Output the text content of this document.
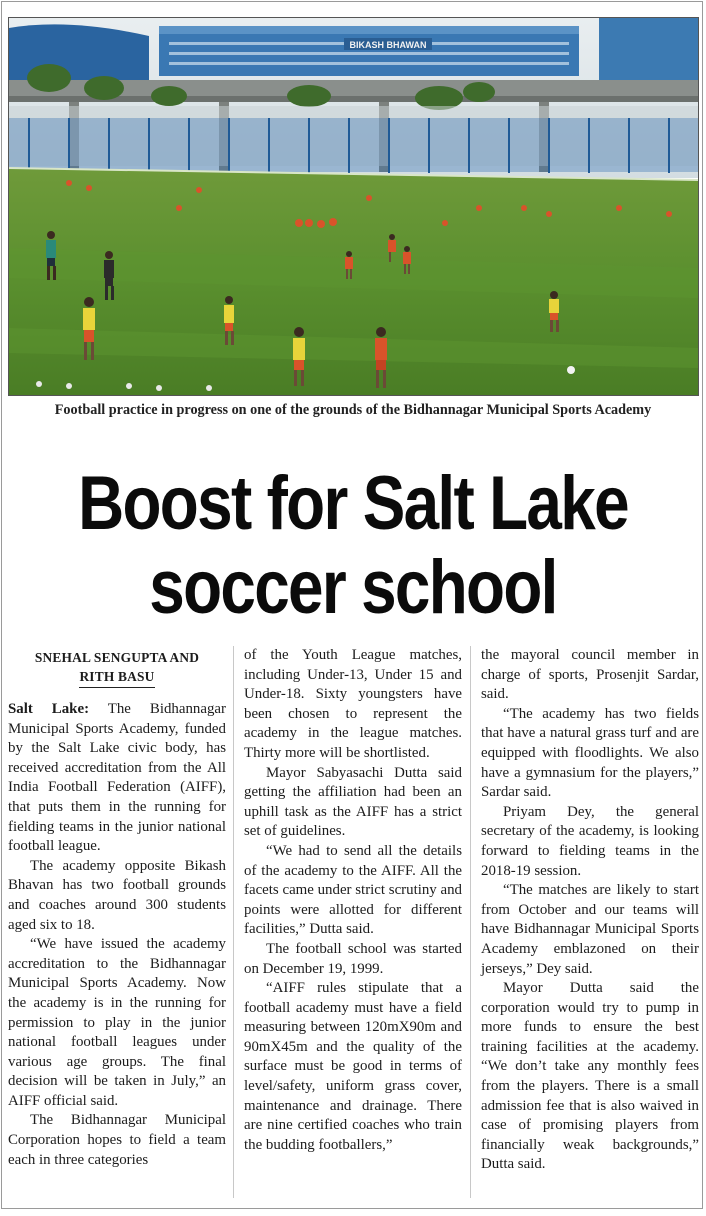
BIKASH BHAWAN
Football practice in progress on one of the grounds of the Bidhannagar Municipal Sports Academy
Boost for Salt Lake
soccer school
SNEHAL SENGUPTA AND
RITH BASU

Salt Lake: The Bidhannagar Municipal Sports Academy, funded by the Salt Lake civic body, has received accreditation from the All India Football Federation (AIFF), that puts them in the running for fielding teams in the junior national football league.

The academy opposite Bikash Bhavan has two football grounds and coaches around 300 students aged six to 18.

“We have issued the academy accreditation to the Bidhannagar Municipal Sports Academy. Now the academy is in the running for permission to play in the junior national football leagues under various age groups. The final decision will be taken in July,” an AIFF official said.

The Bidhannagar Municipal Corporation hopes to field a team each in three categories

of the Youth League matches, including Under-13, Under 15 and Under-18. Sixty youngsters have been chosen to represent the academy in the league matches. Thirty more will be shortlisted.

Mayor Sabyasachi Dutta said getting the affiliation had been an uphill task as the AIFF has a strict set of guidelines.

“We had to send all the details of the academy to the AIFF. All the facets came under strict scrutiny and points were allotted for different facilities,” Dutta said.

The football school was started on December 19, 1999.

“AIFF rules stipulate that a football academy must have a field measuring between 120mX90m and 90mX45m and the quality of the surface must be good in terms of level/safety, uniform grass cover, maintenance and drainage. There are nine certified coaches who train the budding footballers,”

the mayoral council member in charge of sports, Prosenjit Sardar, said.

“The academy has two fields that have a natural grass turf and are equipped with floodlights. We also have a gymnasium for the players,” Sardar said.

Priyam Dey, the general secretary of the academy, is looking forward to fielding teams in the 2018-19 session.

“The matches are likely to start from October and our teams will have Bidhannagar Municipal Sports Academy emblazoned on their jerseys,” Dey said.

Mayor Dutta said the corporation would try to pump in more funds to ensure the best training facilities at the academy. “We don’t take any monthly fees from the players. There is a small admission fee that is also waived in case of promising players from financially weak backgrounds,” Dutta said.
